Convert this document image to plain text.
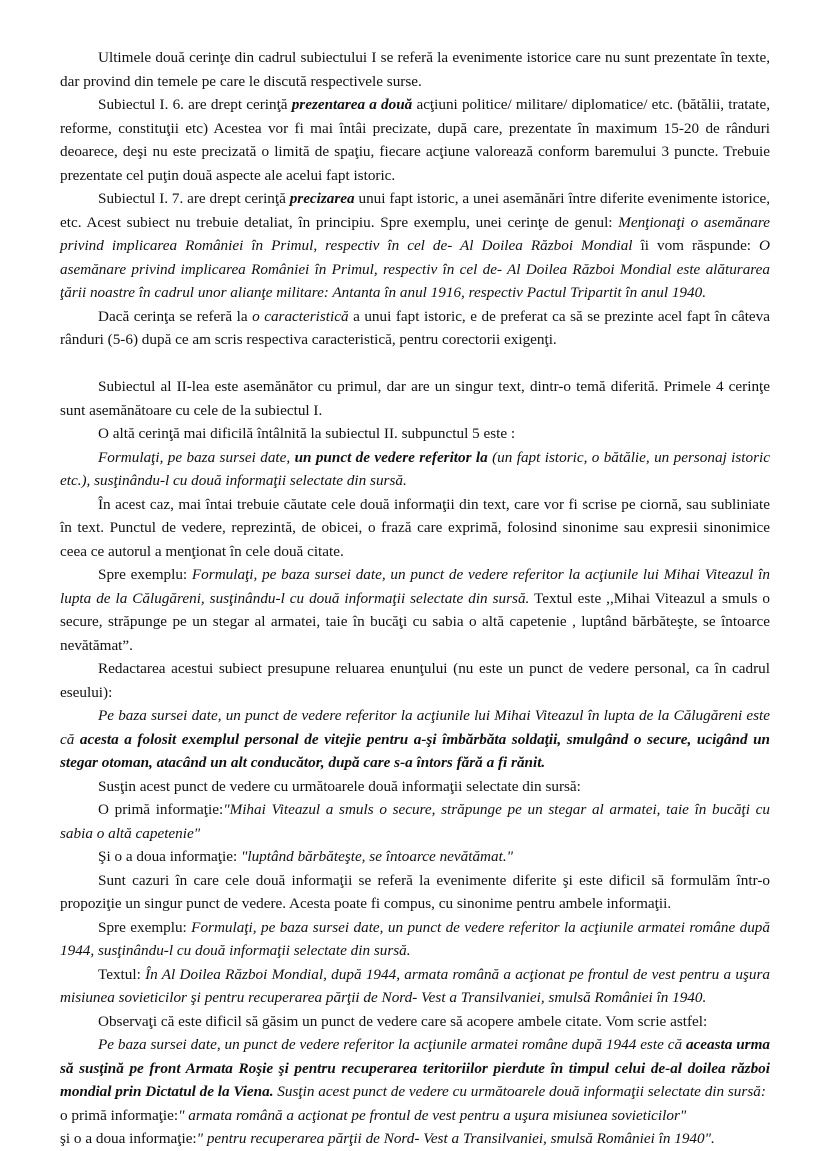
Ultimele două cerinţe din cadrul subiectului I se referă la evenimente istorice care nu sunt prezentate în texte, dar provind din temele pe care le discută respectivele surse.

Subiectul I. 6. are drept cerinţă prezentarea a două acţiuni politice/ militare/ diplomatice/ etc. (bătălii, tratate, reforme, constituţii etc) Acestea vor fi mai întâi precizate, după care, prezentate în maximum 15-20 de rânduri deoarece, deşi nu este precizată o limită de spaţiu, fiecare acţiune valorează conform baremului 3 puncte. Trebuie prezentate cel puţin două aspecte ale acelui fapt istoric.

Subiectul I. 7. are drept cerinţă precizarea unui fapt istoric, a unei asemănări între diferite evenimente istorice, etc. Acest subiect nu trebuie detaliat, în principiu. Spre exemplu, unei cerinţe de genul: Menţionaţi o asemănare privind implicarea României în Primul, respectiv în cel de- Al Doilea Război Mondial îi vom răspunde: O asemănare privind implicarea României în Primul, respectiv în cel de- Al Doilea Război Mondial este alăturarea ţării noastre în cadrul unor alianţe militare: Antanta în anul 1916, respectiv Pactul Tripartit în anul 1940.

Dacă cerinţa se referă la o caracteristică a unui fapt istoric, e de preferat ca să se prezinte acel fapt în câteva rânduri (5-6) după ce am scris respectiva caracteristică, pentru corectorii exigenţi.

Subiectul al II-lea este asemănător cu primul, dar are un singur text, dintr-o temă diferită. Primele 4 cerinţe sunt asemănătoare cu cele de la subiectul I.

O altă cerinţă mai dificilă întâlnită la subiectul II. subpunctul 5 este :

Formulaţi, pe baza sursei date, un punct de vedere referitor la (un fapt istoric, o bătălie, un personaj istoric etc.), susţinându-l cu două informaţii selectate din sursă.

În acest caz, mai întai trebuie căutate cele două informaţii din text, care vor fi scrise pe ciornă, sau subliniate în text. Punctul de vedere, reprezintă, de obicei, o frază care exprimă, folosind sinonime sau expresii sinonimice ceea ce autorul a menţionat în cele două citate.

Spre exemplu: Formulaţi, pe baza sursei date, un punct de vedere referitor la acţiunile lui Mihai Viteazul în lupta de la Călugăreni, susţinându-l cu două informaţii selectate din sursă. Textul este ,,Mihai Viteazul a smuls o secure, străpunge pe un stegar al armatei, taie în bucăţi cu sabia o altă capetenie , luptând bărbăteşte, se întoarce nevătămat”.

Redactarea acestui subiect presupune reluarea enunţului (nu este un punct de vedere personal, ca în cadrul eseului):

Pe baza sursei date, un punct de vedere referitor la acţiunile lui Mihai Viteazul în lupta de la Călugăreni este că acesta a folosit exemplul personal de vitejie pentru a-şi îmbărbăta soldaţii, smulgând o secure, ucigând un stegar otoman, atacând un alt conducător, după care s-a întors fără a fi rănit.

Susţin acest punct de vedere cu următoarele două informaţii selectate din sursă:

O primă informaţie:"Mihai Viteazul a smuls o secure, străpunge pe un stegar al armatei, taie în bucăţi cu sabia o altă capetenie"

Şi o a doua informaţie: "luptând bărbăteşte, se întoarce nevătămat."

Sunt cazuri în care cele două informaţii se referă la evenimente diferite şi este dificil să formulăm într-o propoziţie un singur punct de vedere. Acesta poate fi compus, cu sinonime pentru ambele informaţii.

Spre exemplu: Formulaţi, pe baza sursei date, un punct de vedere referitor la acţiunile armatei române după 1944, susţinându-l cu două informaţii selectate din sursă.

Textul: În Al Doilea Război Mondial, după 1944, armata română a acţionat pe frontul de vest pentru a uşura misiunea sovieticilor şi pentru recuperarea părţii de Nord- Vest a Transilvaniei, smulsă României în 1940.

Observaţi că este dificil să găsim un punct de vedere care să acopere ambele citate. Vom scrie astfel:

Pe baza sursei date, un punct de vedere referitor la acţiunile armatei române după 1944 este că aceasta urma să susţină pe front Armata Roşie şi pentru recuperarea teritoriilor pierdute în timpul celui de-al doilea război mondial prin Dictatul de la Viena. Susţin acest punct de vedere cu următoarele două informaţii selectate din sursă:

o primă informaţie:" armata română a acţionat pe frontul de vest pentru a uşura misiunea sovieticilor"

şi o a doua informaţie:" pentru recuperarea părţii de Nord- Vest a Transilvaniei, smulsă României în 1940".
